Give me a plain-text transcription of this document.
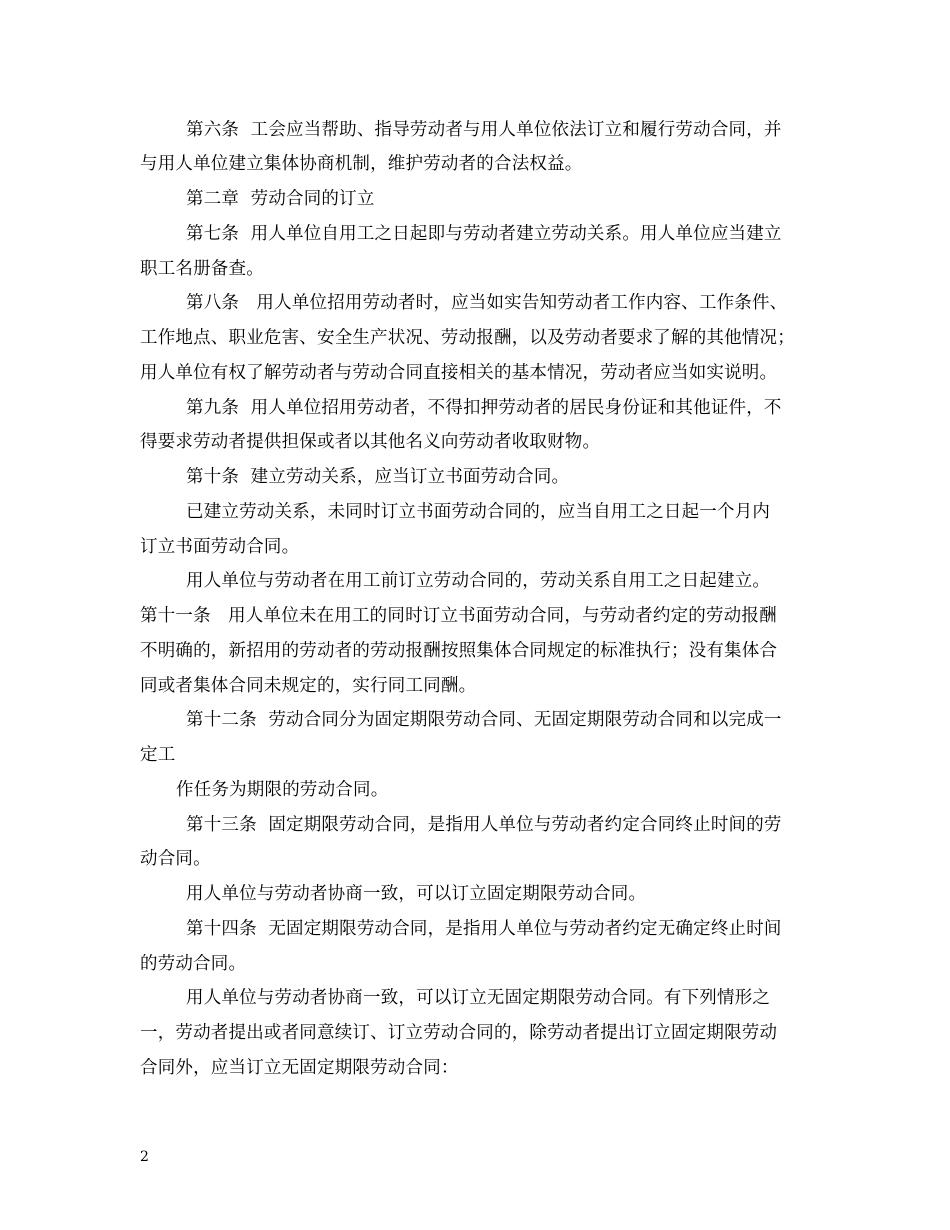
第六条  工会应当帮助、指导劳动者与用人单位依法订立和履行劳动合同，并
与用人单位建立集体协商机制，维护劳动者的合法权益。
第二章  劳动合同的订立
第七条  用人单位自用工之日起即与劳动者建立劳动关系。用人单位应当建立
职工名册备查。
第八条   用人单位招用劳动者时，应当如实告知劳动者工作内容、工作条件、
工作地点、职业危害、安全生产状况、劳动报酬，以及劳动者要求了解的其他情况；
用人单位有权了解劳动者与劳动合同直接相关的基本情况，劳动者应当如实说明。
第九条  用人单位招用劳动者，不得扣押劳动者的居民身份证和其他证件，不
得要求劳动者提供担保或者以其他名义向劳动者收取财物。
第十条  建立劳动关系，应当订立书面劳动合同。
已建立劳动关系，未同时订立书面劳动合同的，应当自用工之日起一个月内
订立书面劳动合同。
用人单位与劳动者在用工前订立劳动合同的，劳动关系自用工之日起建立。
第十一条   用人单位未在用工的同时订立书面劳动合同，与劳动者约定的劳动报酬
不明确的，新招用的劳动者的劳动报酬按照集体合同规定的标准执行；没有集体合
同或者集体合同未规定的，实行同工同酬。
第十二条  劳动合同分为固定期限劳动合同、无固定期限劳动合同和以完成一
定工
作任务为期限的劳动合同。
第十三条  固定期限劳动合同，是指用人单位与劳动者约定合同终止时间的劳
动合同。
用人单位与劳动者协商一致，可以订立固定期限劳动合同。
第十四条  无固定期限劳动合同，是指用人单位与劳动者约定无确定终止时间
的劳动合同。
用人单位与劳动者协商一致，可以订立无固定期限劳动合同。有下列情形之
一，劳动者提出或者同意续订、订立劳动合同的，除劳动者提出订立固定期限劳动
合同外，应当订立无固定期限劳动合同：
2
